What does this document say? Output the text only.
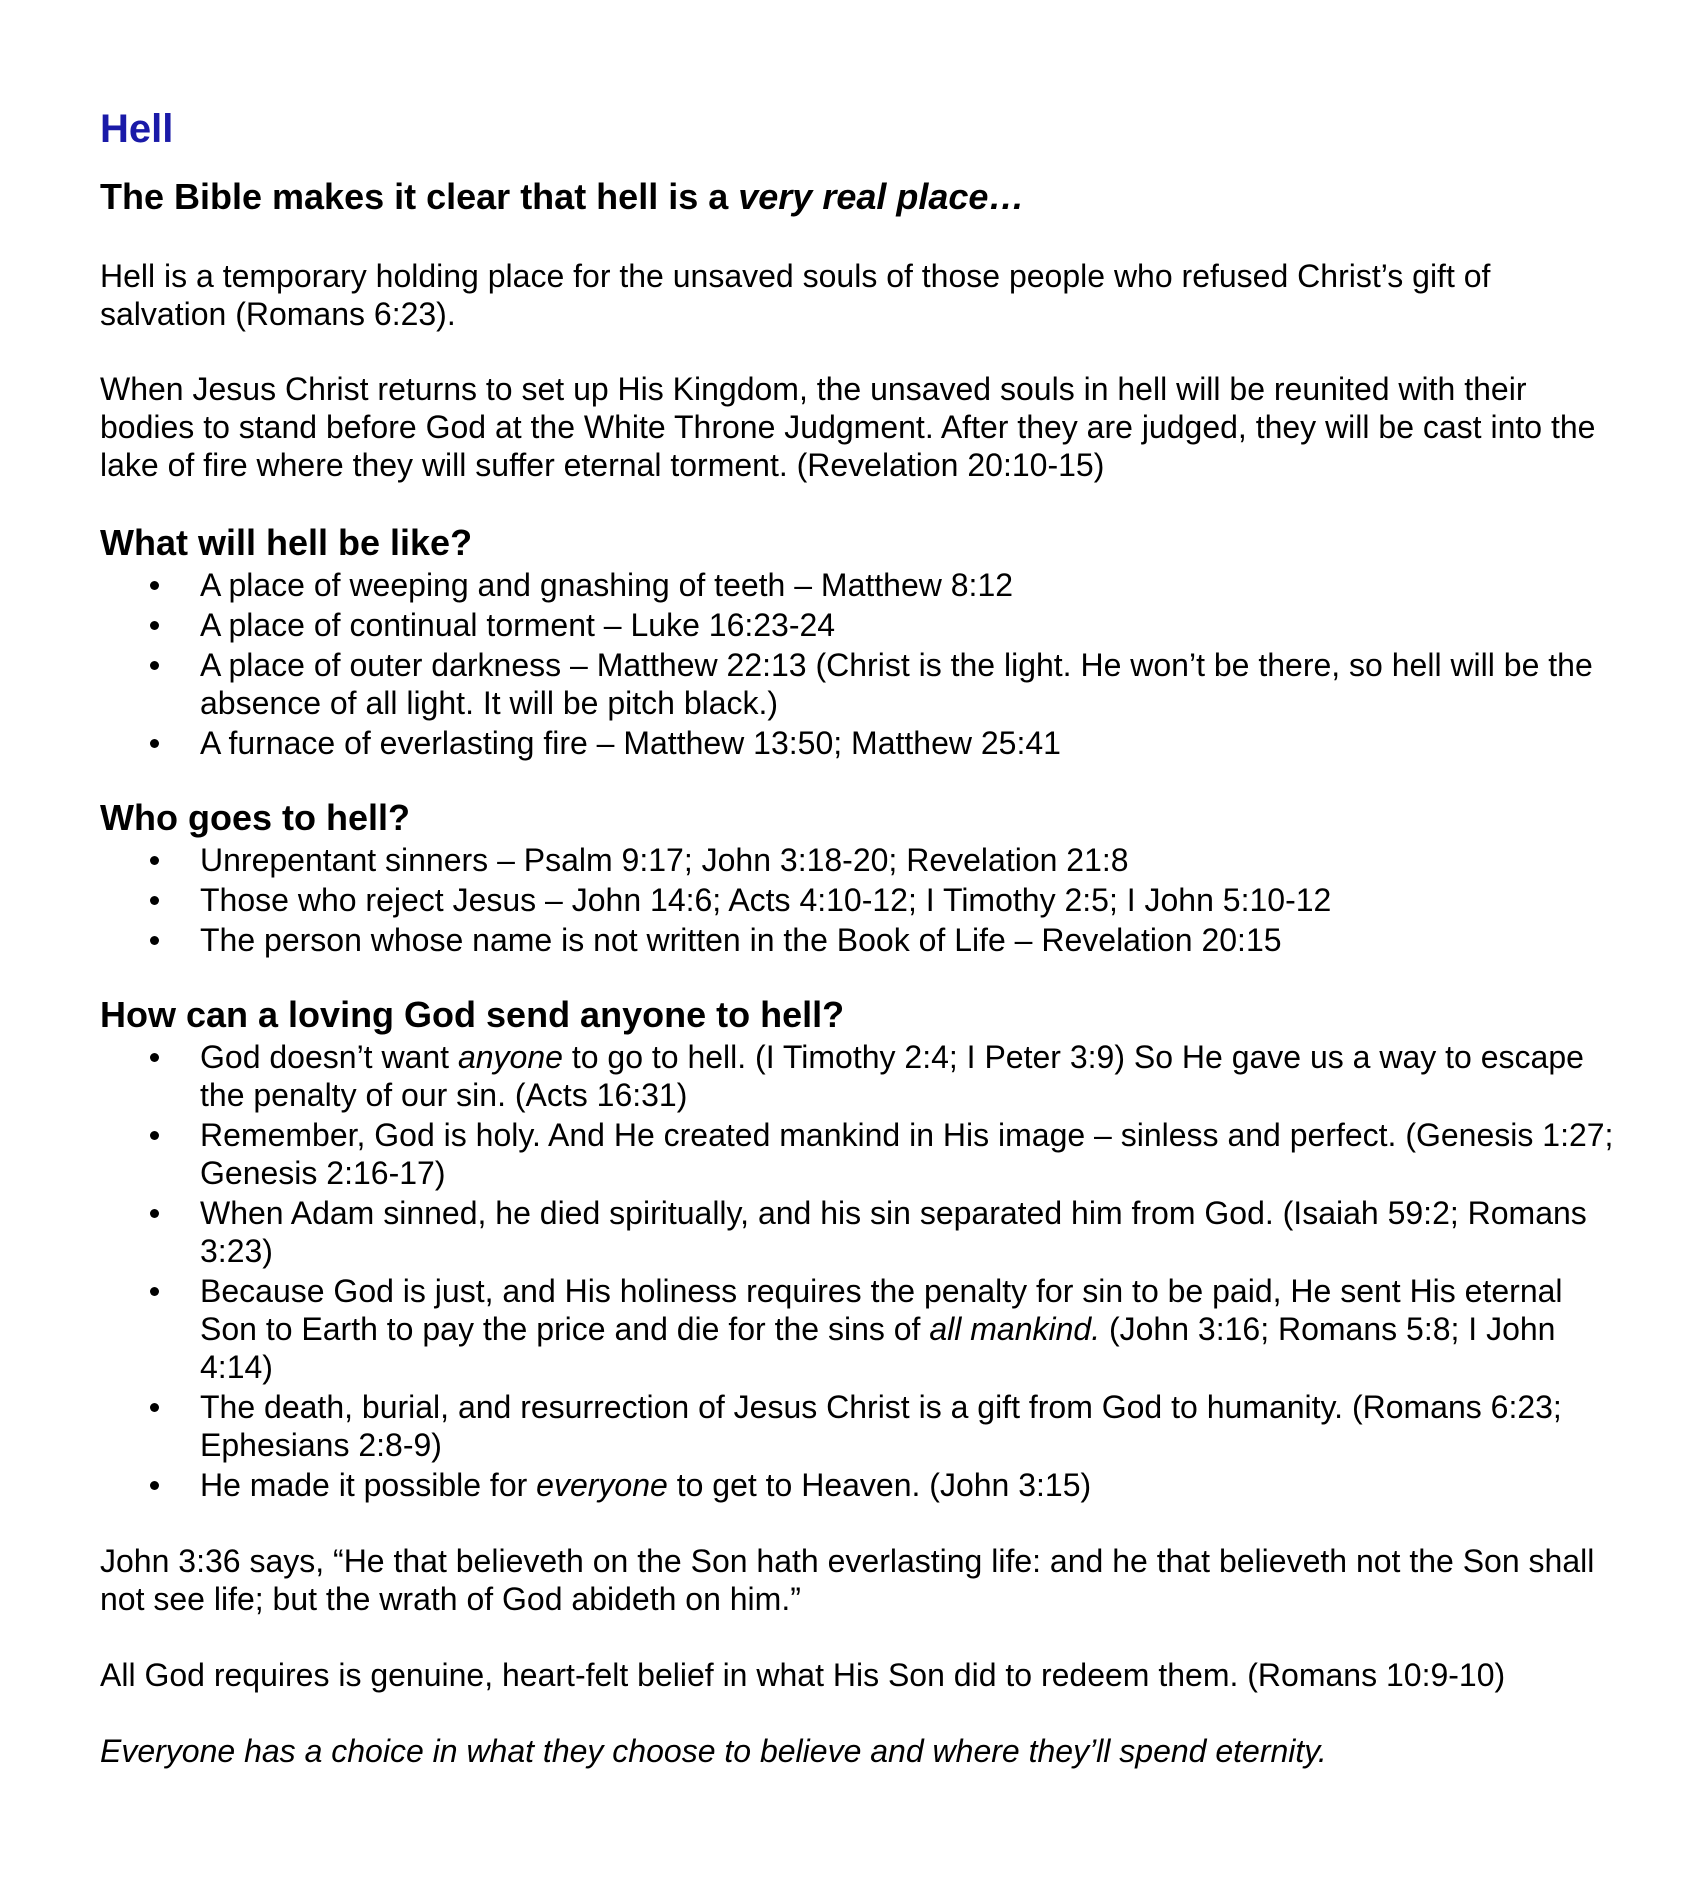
Hell
The Bible makes it clear that hell is a very real place…

Hell is a temporary holding place for the unsaved souls of those people who refused Christ’s gift of salvation (Romans 6:23).

When Jesus Christ returns to set up His Kingdom, the unsaved souls in hell will be reunited with their bodies to stand before God at the White Throne Judgment. After they are judged, they will be cast into the lake of fire where they will suffer eternal torment. (Revelation 20:10-15)

What will hell be like?
A place of weeping and gnashing of teeth – Matthew 8:12
A place of continual torment – Luke 16:23-24
A place of outer darkness – Matthew 22:13 (Christ is the light. He won’t be there, so hell will be the absence of all light. It will be pitch black.)
A furnace of everlasting fire – Matthew 13:50; Matthew 25:41
Who goes to hell?
Unrepentant sinners – Psalm 9:17; John 3:18-20; Revelation 21:8
Those who reject Jesus – John 14:6; Acts 4:10-12; I Timothy 2:5; I John 5:10-12
The person whose name is not written in the Book of Life – Revelation 20:15
How can a loving God send anyone to hell?
God doesn’t want anyone to go to hell. (I Timothy 2:4; I Peter 3:9) So He gave us a way to escape the penalty of our sin. (Acts 16:31)
Remember, God is holy. And He created mankind in His image – sinless and perfect. (Genesis 1:27; Genesis 2:16-17)
When Adam sinned, he died spiritually, and his sin separated him from God. (Isaiah 59:2; Romans 3:23)
Because God is just, and His holiness requires the penalty for sin to be paid, He sent His eternal Son to Earth to pay the price and die for the sins of all mankind. (John 3:16; Romans 5:8; I John 4:14)
The death, burial, and resurrection of Jesus Christ is a gift from God to humanity. (Romans 6:23; Ephesians 2:8-9)
He made it possible for everyone to get to Heaven. (John 3:15)

John 3:36 says, “He that believeth on the Son hath everlasting life: and he that believeth not the Son shall not see life; but the wrath of God abideth on him.”

All God requires is genuine, heart-felt belief in what His Son did to redeem them. (Romans 10:9-10)

Everyone has a choice in what they choose to believe and where they’ll spend eternity.
